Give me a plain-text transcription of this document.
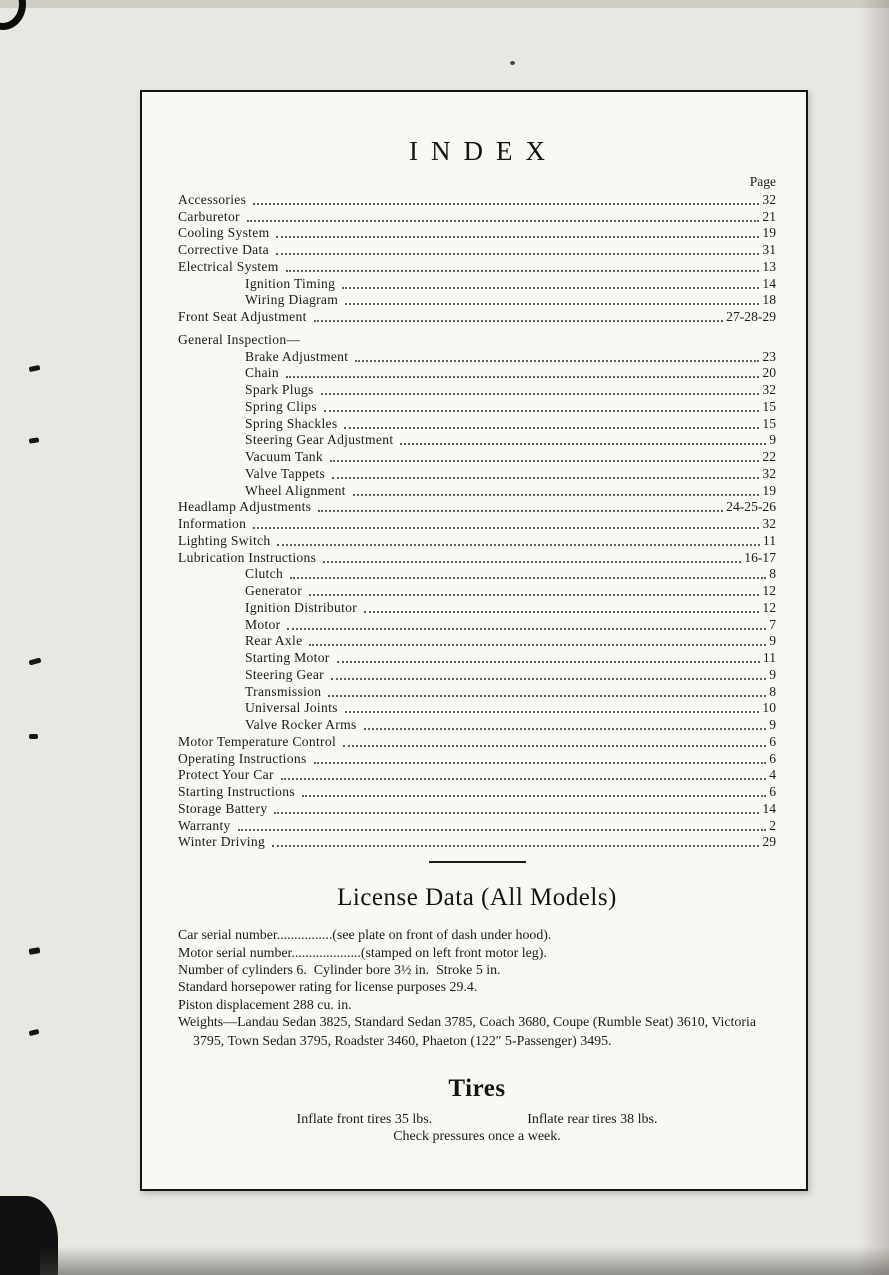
INDEX
Page
Accessories	32
Carburetor	21
Cooling System	19
Corrective Data	31
Electrical System	13
Ignition Timing	14
Wiring Diagram	18
Front Seat Adjustment	27-28-29
General Inspection—
Brake Adjustment	23
Chain	20
Spark Plugs	32
Spring Clips	15
Spring Shackles	15
Steering Gear Adjustment	9
Vacuum Tank	22
Valve Tappets	32
Wheel Alignment	19
Headlamp Adjustments	24-25-26
Information	32
Lighting Switch	11
Lubrication Instructions	16-17
Clutch	8
Generator	12
Ignition Distributor	12
Motor	7
Rear Axle	9
Starting Motor	11
Steering Gear	9
Transmission	8
Universal Joints	10
Valve Rocker Arms	9
Motor Temperature Control	6
Operating Instructions	6
Protect Your Car	4
Starting Instructions	6
Storage Battery	14
Warranty	2
Winter Driving	29
License Data (All Models)
Car serial number................(see plate on front of dash under hood).
Motor serial number....................(stamped on left front motor leg).
Number of cylinders 6.  Cylinder bore 3½ in.  Stroke 5 in.
Standard horsepower rating for license purposes 29.4.
Piston displacement 288 cu. in.
Weights—Landau Sedan 3825, Standard Sedan 3785, Coach 3680, Coupe (Rumble Seat) 3610, Victoria 3795, Town Sedan 3795, Roadster 3460, Phaeton (122″ 5-Passenger) 3495.
Tires
Inflate front tires 35 lbs.	Inflate rear tires 38 lbs.
Check pressures once a week.
